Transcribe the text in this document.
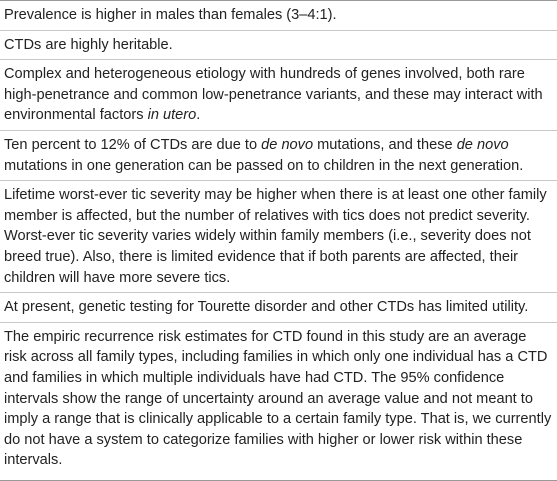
Prevalence is higher in males than females (3–4:1).

CTDs are highly heritable.

Complex and heterogeneous etiology with hundreds of genes involved, both rare high-penetrance and common low-penetrance variants, and these may interact with environmental factors in utero.

Ten percent to 12% of CTDs are due to de novo mutations, and these de novo mutations in one generation can be passed on to children in the next generation.

Lifetime worst-ever tic severity may be higher when there is at least one other family member is affected, but the number of relatives with tics does not predict severity. Worst-ever tic severity varies widely within family members (i.e., severity does not breed true). Also, there is limited evidence that if both parents are affected, their children will have more severe tics.

At present, genetic testing for Tourette disorder and other CTDs has limited utility.

The empiric recurrence risk estimates for CTD found in this study are an average risk across all family types, including families in which only one individual has a CTD and families in which multiple individuals have had CTD. The 95% confidence intervals show the range of uncertainty around an average value and not meant to imply a range that is clinically applicable to a certain family type. That is, we currently do not have a system to categorize families with higher or lower risk within these intervals.
